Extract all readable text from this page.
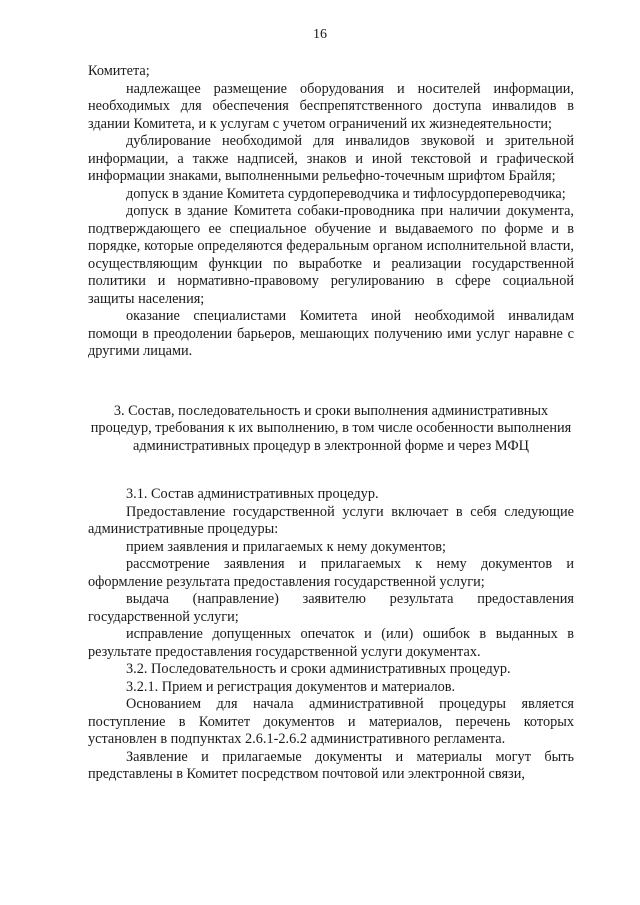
16

Комитета;

надлежащее размещение оборудования и носителей информации, необходимых для обеспечения беспрепятственного доступа инвалидов в здании Комитета, и к услугам с учетом ограничений их жизнедеятельности;

дублирование необходимой для инвалидов звуковой и зрительной информации, а также надписей, знаков и иной текстовой и графической информации знаками, выполненными рельефно-точечным шрифтом Брайля;

допуск в здание Комитета сурдопереводчика и тифлосурдопереводчика;

допуск в здание Комитета собаки-проводника при наличии документа, подтверждающего ее специальное обучение и выдаваемого по форме и в порядке, которые определяются федеральным органом исполнительной власти, осуществляющим функции по выработке и реализации государственной политики и нормативно-правовому регулированию в сфере социальной защиты населения;

оказание специалистами Комитета иной необходимой инвалидам помощи в преодолении барьеров, мешающих получению ими услуг наравне с другими лицами.

3. Состав, последовательность и сроки выполнения административных процедур, требования к их выполнению, в том числе особенности выполнения административных процедур в электронной форме и через МФЦ

3.1. Состав административных процедур.

Предоставление государственной услуги включает в себя следующие административные процедуры:

прием заявления и прилагаемых к нему документов;

рассмотрение заявления и прилагаемых к нему документов и оформление результата предоставления государственной услуги;

выдача (направление) заявителю результата предоставления государственной услуги;

исправление допущенных опечаток и (или) ошибок в выданных в результате предоставления государственной услуги документах.

3.2. Последовательность и сроки административных процедур.

3.2.1. Прием и регистрация документов и материалов.

Основанием для начала административной процедуры является поступление в Комитет документов и материалов, перечень которых установлен в подпунктах 2.6.1-2.6.2 административного регламента.

Заявление и прилагаемые документы и материалы могут быть представлены в Комитет посредством почтовой или электронной связи,
